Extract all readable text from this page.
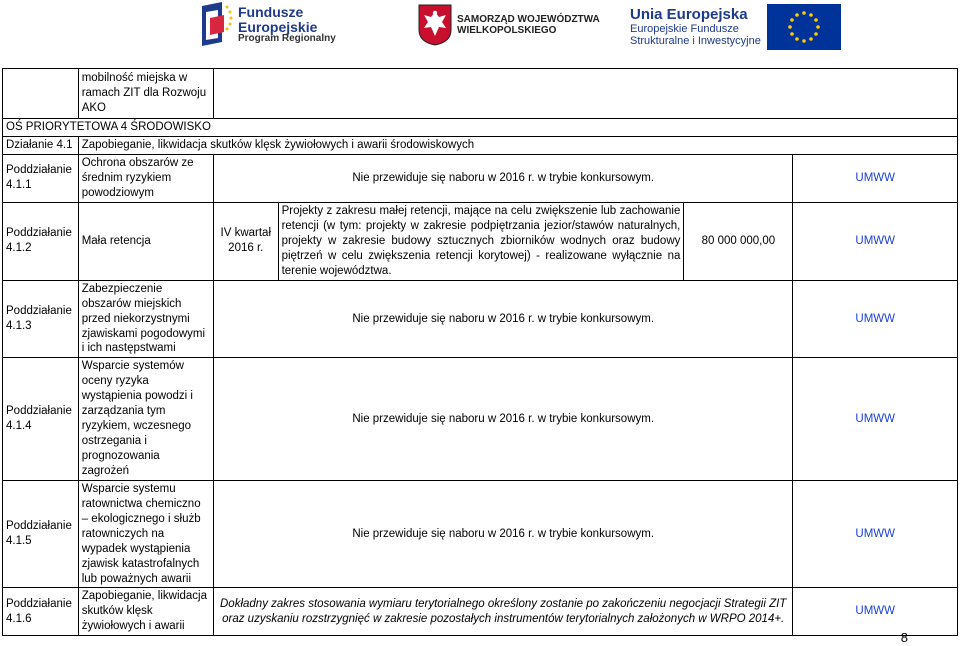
Fundusze
Europejskie
Program Regionalny
SAMORZĄD WOJEWÓDZTWA
WIELKOPOLSKIEGO
Unia Europejska
Europejskie Fundusze
Strukturalne i Inwestycyjne
	mobilność miejska w ramach ZIT dla Rozwoju AKO				
OŚ PRIORYTETOWA 4 ŚRODOWISKO					
Działanie 4.1	Zapobieganie, likwidacja skutków klęsk żywiołowych i awarii środowiskowych				
Poddziałanie 4.1.1	Ochrona obszarów ze średnim ryzykiem powodziowym	Nie przewiduje się naboru w 2016 r. w trybie konkursowym.			UMWW
Poddziałanie 4.1.2	Mała retencja	IV kwartał 2016 r.	Projekty z zakresu małej retencji, mające na celu zwiększenie lub zachowanie retencji (w tym: projekty w zakresie podpiętrzania jezior/stawów naturalnych, projekty w zakresie budowy sztucznych zbiorników wodnych oraz budowy piętrzeń w celu zwiększenia retencji korytowej) - realizowane wyłącznie na terenie województwa.	80 000 000,00	UMWW
Poddziałanie 4.1.3	Zabezpieczenie obszarów miejskich przed niekorzystnymi zjawiskami pogodowymi i ich następstwami	Nie przewiduje się naboru w 2016 r. w trybie konkursowym.			UMWW
Poddziałanie 4.1.4	Wsparcie systemów oceny ryzyka wystąpienia powodzi i zarządzania tym ryzykiem, wczesnego ostrzegania i prognozowania zagrożeń	Nie przewiduje się naboru w 2016 r. w trybie konkursowym.			UMWW
Poddziałanie 4.1.5	Wsparcie systemu ratownictwa chemiczno – ekologicznego i służb ratowniczych na wypadek wystąpienia zjawisk katastrofalnych lub poważnych awarii	Nie przewiduje się naboru w 2016 r. w trybie konkursowym.			UMWW
Poddziałanie 4.1.6	Zapobieganie, likwidacja skutków klęsk żywiołowych i awarii	Dokładny zakres stosowania wymiaru terytorialnego określony zostanie po zakończeniu negocjacji Strategii ZIT oraz uzyskaniu rozstrzygnięć w zakresie pozostałych instrumentów terytorialnych założonych w WRPO 2014+.			UMWW
8
